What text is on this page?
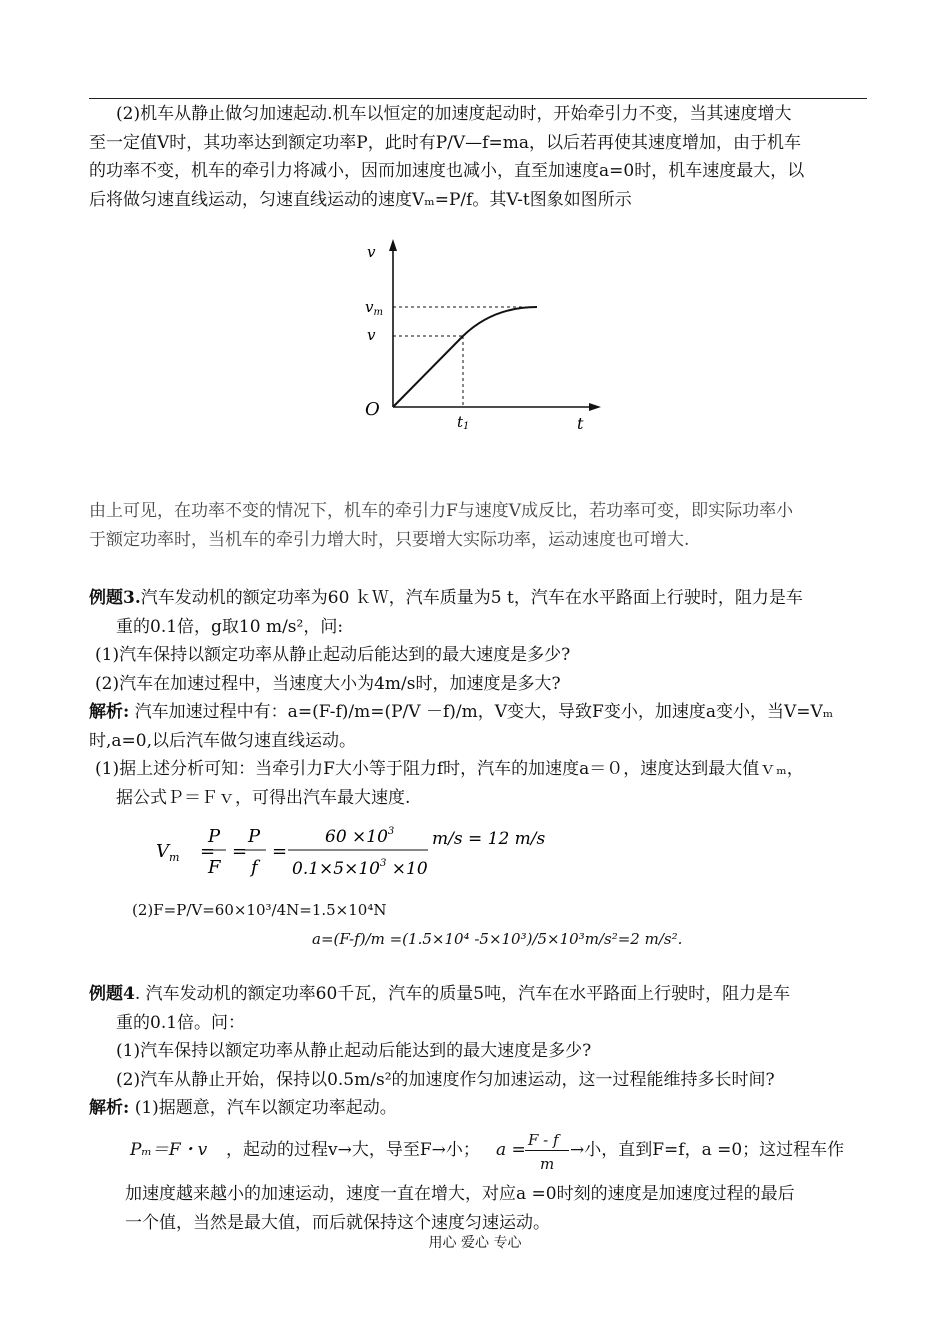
(2)机车从静止做匀加速起动.机车以恒定的加速度起动时，开始牵引力不变，当其速度增大
至一定值V时，其功率达到额定功率P，此时有P/V—f=ma，以后若再使其速度增加，由于机车
的功率不变，机车的牵引力将减小，因而加速度也减小，直至加速度a=0时，机车速度最大，以
后将做匀速直线运动，匀速直线运动的速度Vₘ=P/f。其V-t图象如图所示
v
$v_m$
v
O
t1	t
由上可见，在功率不变的情况下，机车的牵引力F与速度V成反比，若功率可变，即实际功率小
于额定功率时，当机车的牵引力增大时，只要增大实际功率，运动速度也可增大.
例题3.汽车发动机的额定功率为60 ｋＷ，汽车质量为5 t，汽车在水平路面上行驶时，阻力是车
重的0.1倍，g取10 m/s²，问:
(1)汽车保持以额定功率从静止起动后能达到的最大速度是多少?
(2)汽车在加速过程中，当速度大小为4m/s时，加速度是多大?
解析: 汽车加速过程中有：a=(F-f)/m=(P/V －f)/m，V变大，导致F变小，加速度a变小，当V=Vₘ
时,a=0,以后汽车做匀速直线运动。
(1)据上述分析可知：当牵引力F大小等于阻力f时，汽车的加速度a＝０，速度达到最大值ｖₘ，
据公式Ｐ＝Ｆｖ，可得出汽车最大速度.
$V_m$ =
P
F
=
P
f
=
$60 \times 10^3$
$0.1\times 5\times 10^3 \times 10$
m/s = 12 m/s
(2)F=P/V=60×10³/4N=1.5×10⁴N
a=(F-f)/m =(1.5×10⁴ -5×10³)/5×10³m/s²=2 m/s².
例题4. 汽车发动机的额定功率60千瓦，汽车的质量5吨，汽车在水平路面上行驶时，阻力是车
重的0.1倍。问：
(1)汽车保持以额定功率从静止起动后能达到的最大速度是多少?
(2)汽车从静止开始，保持以0.5m/s²的加速度作匀加速运动，这一过程能维持多长时间?
解析: (1)据题意，汽车以额定功率起动。
Pₘ＝F・v ，起动的过程v→大，导至F→小； a = F - f
m
→小，直到F=f，a =0；这过程车作
加速度越来越小的加速运动，速度一直在增大，对应a =0时刻的速度是加速度过程的最后
一个值，当然是最大值，而后就保持这个速度匀速运动。
用心 爱心 专心
